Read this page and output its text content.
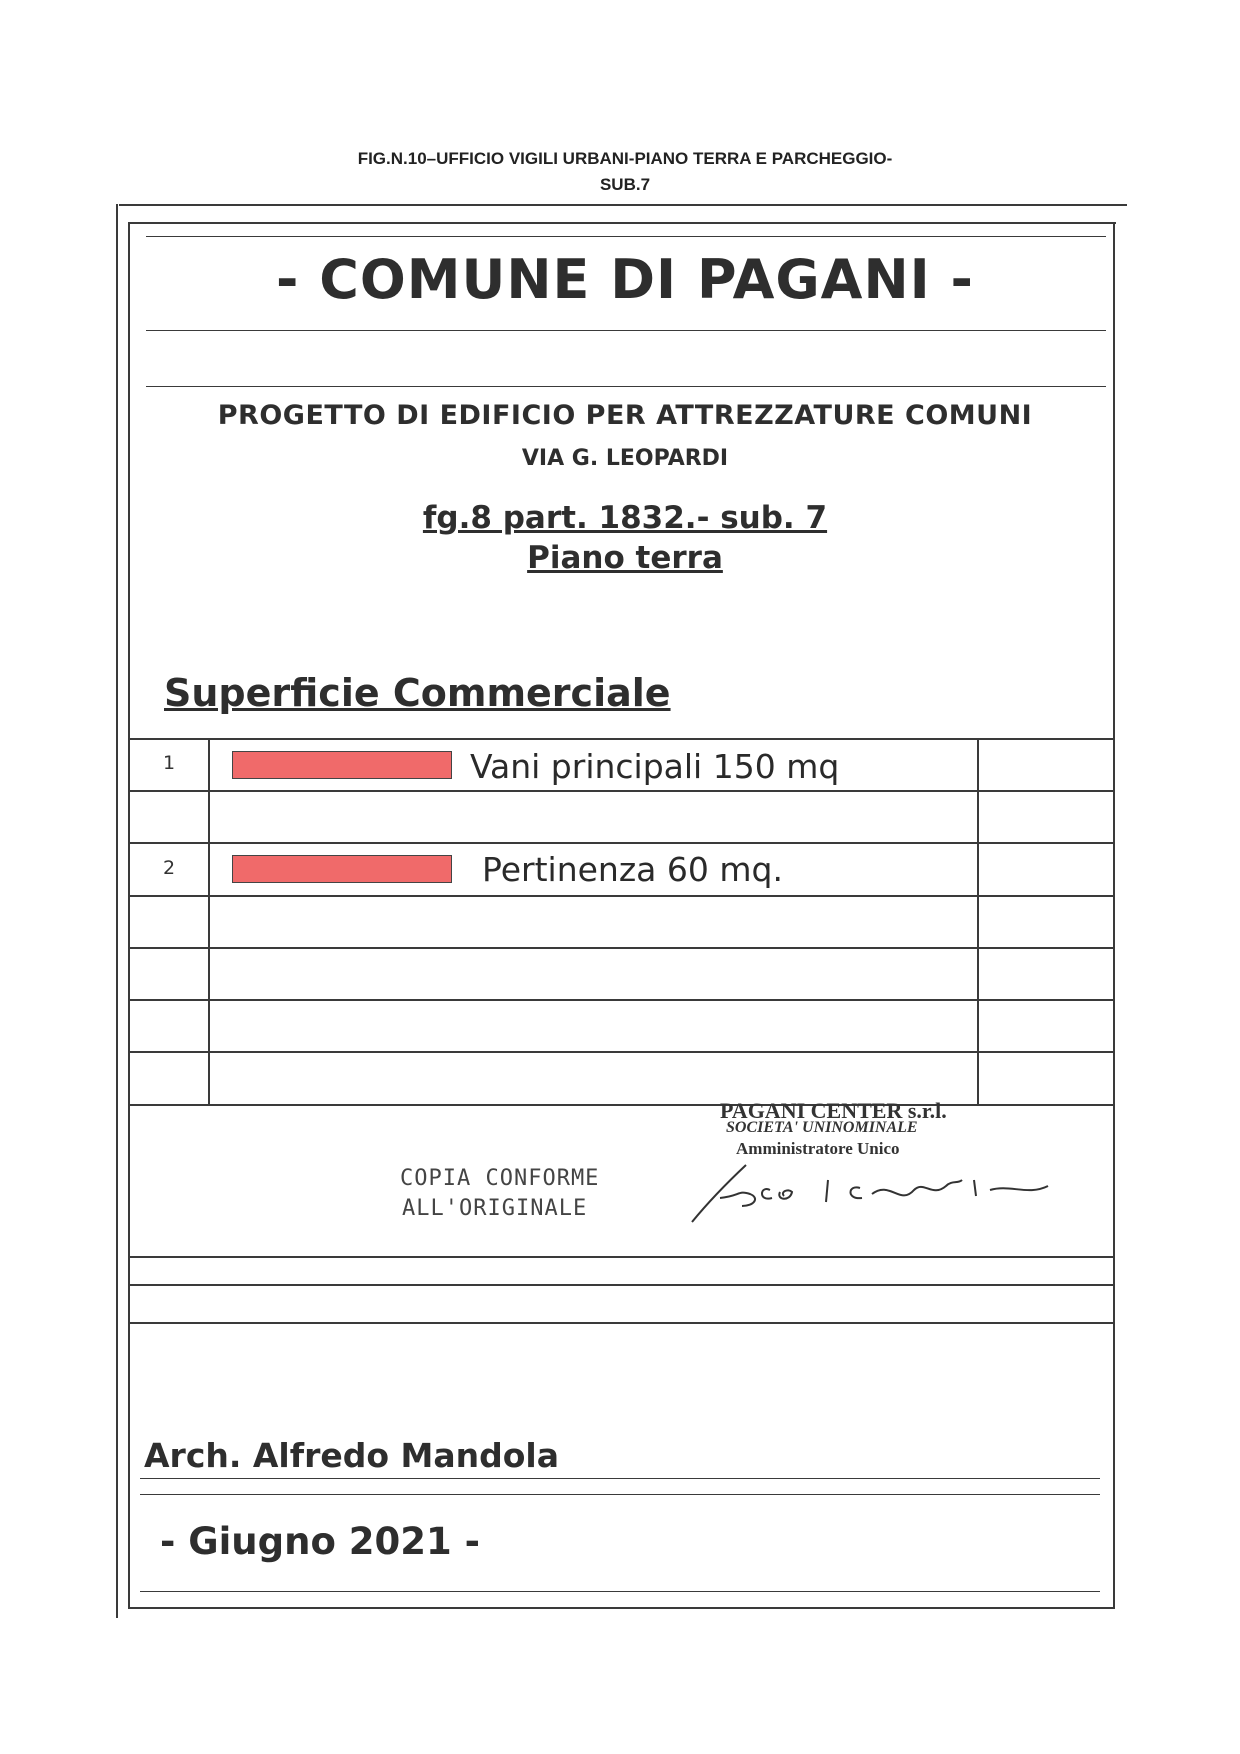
FIG.N.10–UFFICIO VIGILI URBANI-PIANO TERRA E PARCHEGGIO-
SUB.7
- COMUNE DI PAGANI -
PROGETTO DI EDIFICIO PER ATTREZZATURE COMUNI
VIA G. LEOPARDI
fg.8 part. 1832.- sub. 7
Piano terra
Superficie Commerciale
1	Vani principali 150 mq
2	Pertinenza 60 mq.
COPIA CONFORME
ALL'ORIGINALE
PAGANI CENTER s.r.l.
SOCIETA' UNINOMINALE
Amministratore Unico
Arch. Alfredo Mandola
- Giugno 2021 -
